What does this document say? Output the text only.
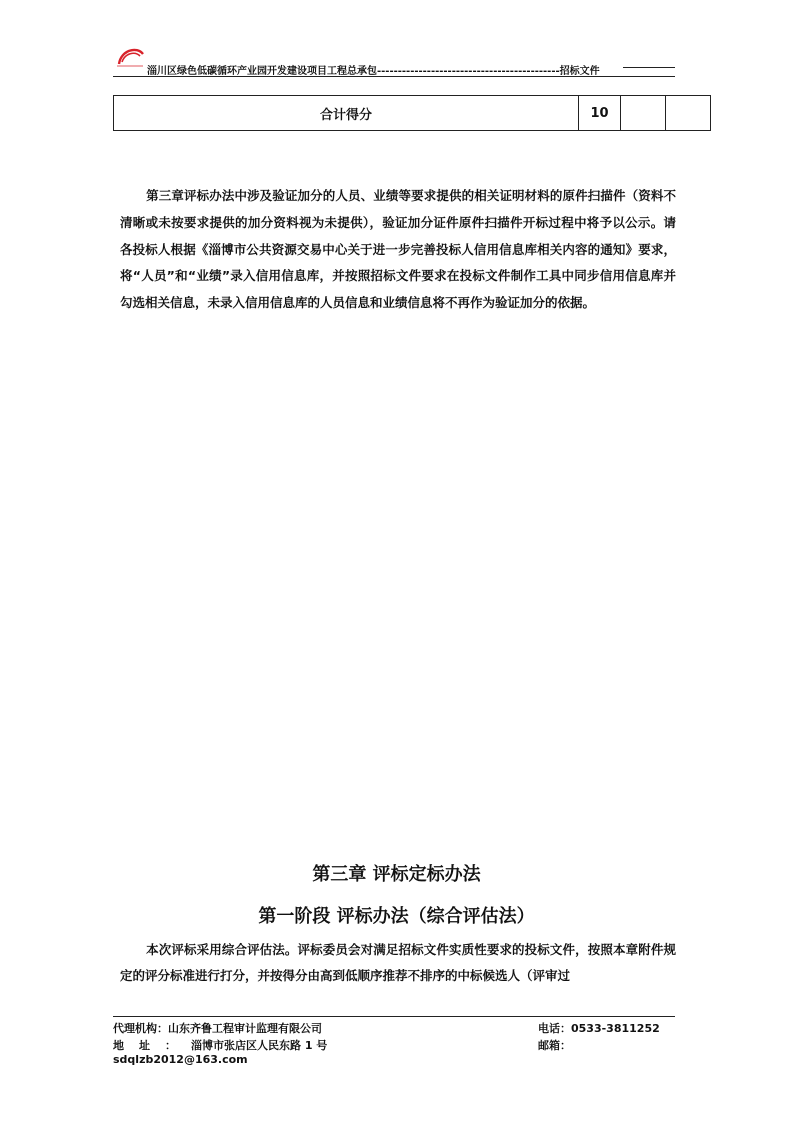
淄川区绿色低碳循环产业园开发建设项目工程总承包--------------------------------------------招标文件
合计得分	10		

第三章评标办法中涉及验证加分的人员、业绩等要求提供的相关证明材料的原件扫描件（资料不清晰或未按要求提供的加分资料视为未提供），验证加分证件原件扫描件开标过程中将予以公示。请各投标人根据《淄博市公共资源交易中心关于进一步完善投标人信用信息库相关内容的通知》要求，将“人员”和“业绩”录入信用信息库，并按照招标文件要求在投标文件制作工具中同步信用信息库并勾选相关信息，未录入信用信息库的人员信息和业绩信息将不再作为验证加分的依据。

第三章 评标定标办法
第一阶段 评标办法（综合评估法）

本次评标采用综合评估法。评标委员会对满足招标文件实质性要求的投标文件，按照本章附件规定的评分标准进行打分，并按得分由高到低顺序推荐不排序的中标候选人（评审过

代理机构：山东齐鲁工程审计监理有限公司	电话：0533-3811252
地址：淄博市张店区人民东路 1 号	邮箱：
sdqlzb2012@163.com
